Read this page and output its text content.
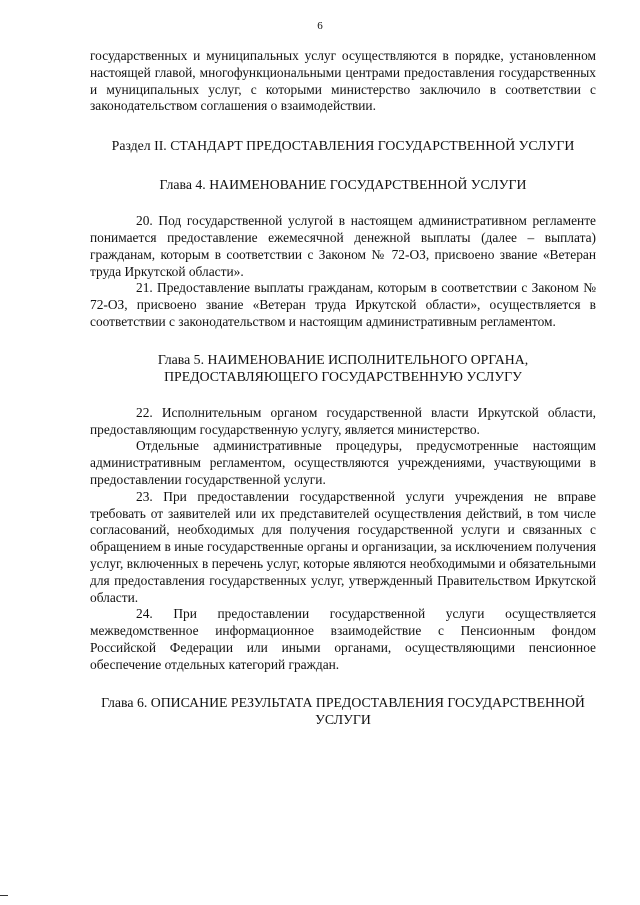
6

государственных и муниципальных услуг осуществляются в порядке, установленном настоящей главой, многофункциональными центрами предоставления государственных и муниципальных услуг, с которыми министерство заключило в соответствии с законодательством соглашения о взаимодействии.

Раздел II. СТАНДАРТ ПРЕДОСТАВЛЕНИЯ ГОСУДАРСТВЕННОЙ УСЛУГИ

Глава 4. НАИМЕНОВАНИЕ ГОСУДАРСТВЕННОЙ УСЛУГИ

20. Под государственной услугой в настоящем административном регламенте понимается предоставление ежемесячной денежной выплаты (далее – выплата) гражданам, которым в соответствии с Законом № 72-ОЗ, присвоено звание «Ветеран труда Иркутской области».

21. Предоставление выплаты гражданам, которым в соответствии с Законом № 72-ОЗ, присвоено звание «Ветеран труда Иркутской области», осуществляется в соответствии с законодательством и настоящим административным регламентом.

Глава 5. НАИМЕНОВАНИЕ ИСПОЛНИТЕЛЬНОГО ОРГАНА, ПРЕДОСТАВЛЯЮЩЕГО ГОСУДАРСТВЕННУЮ УСЛУГУ

22. Исполнительным органом государственной власти Иркутской области, предоставляющим государственную услугу, является министерство.

Отдельные административные процедуры, предусмотренные настоящим административным регламентом, осуществляются учреждениями, участвующими в предоставлении государственной услуги.

23. При предоставлении государственной услуги учреждения не вправе требовать от заявителей или их представителей осуществления действий, в том числе согласований, необходимых для получения государственной услуги и связанных с обращением в иные государственные органы и организации, за исключением получения услуг, включенных в перечень услуг, которые являются необходимыми и обязательными для предоставления государственных услуг, утвержденный Правительством Иркутской области.

24. При предоставлении государственной услуги осуществляется межведомственное информационное взаимодействие с Пенсионным фондом Российской Федерации или иными органами, осуществляющими пенсионное обеспечение отдельных категорий граждан.

Глава 6. ОПИСАНИЕ РЕЗУЛЬТАТА ПРЕДОСТАВЛЕНИЯ ГОСУДАРСТВЕННОЙ УСЛУГИ
